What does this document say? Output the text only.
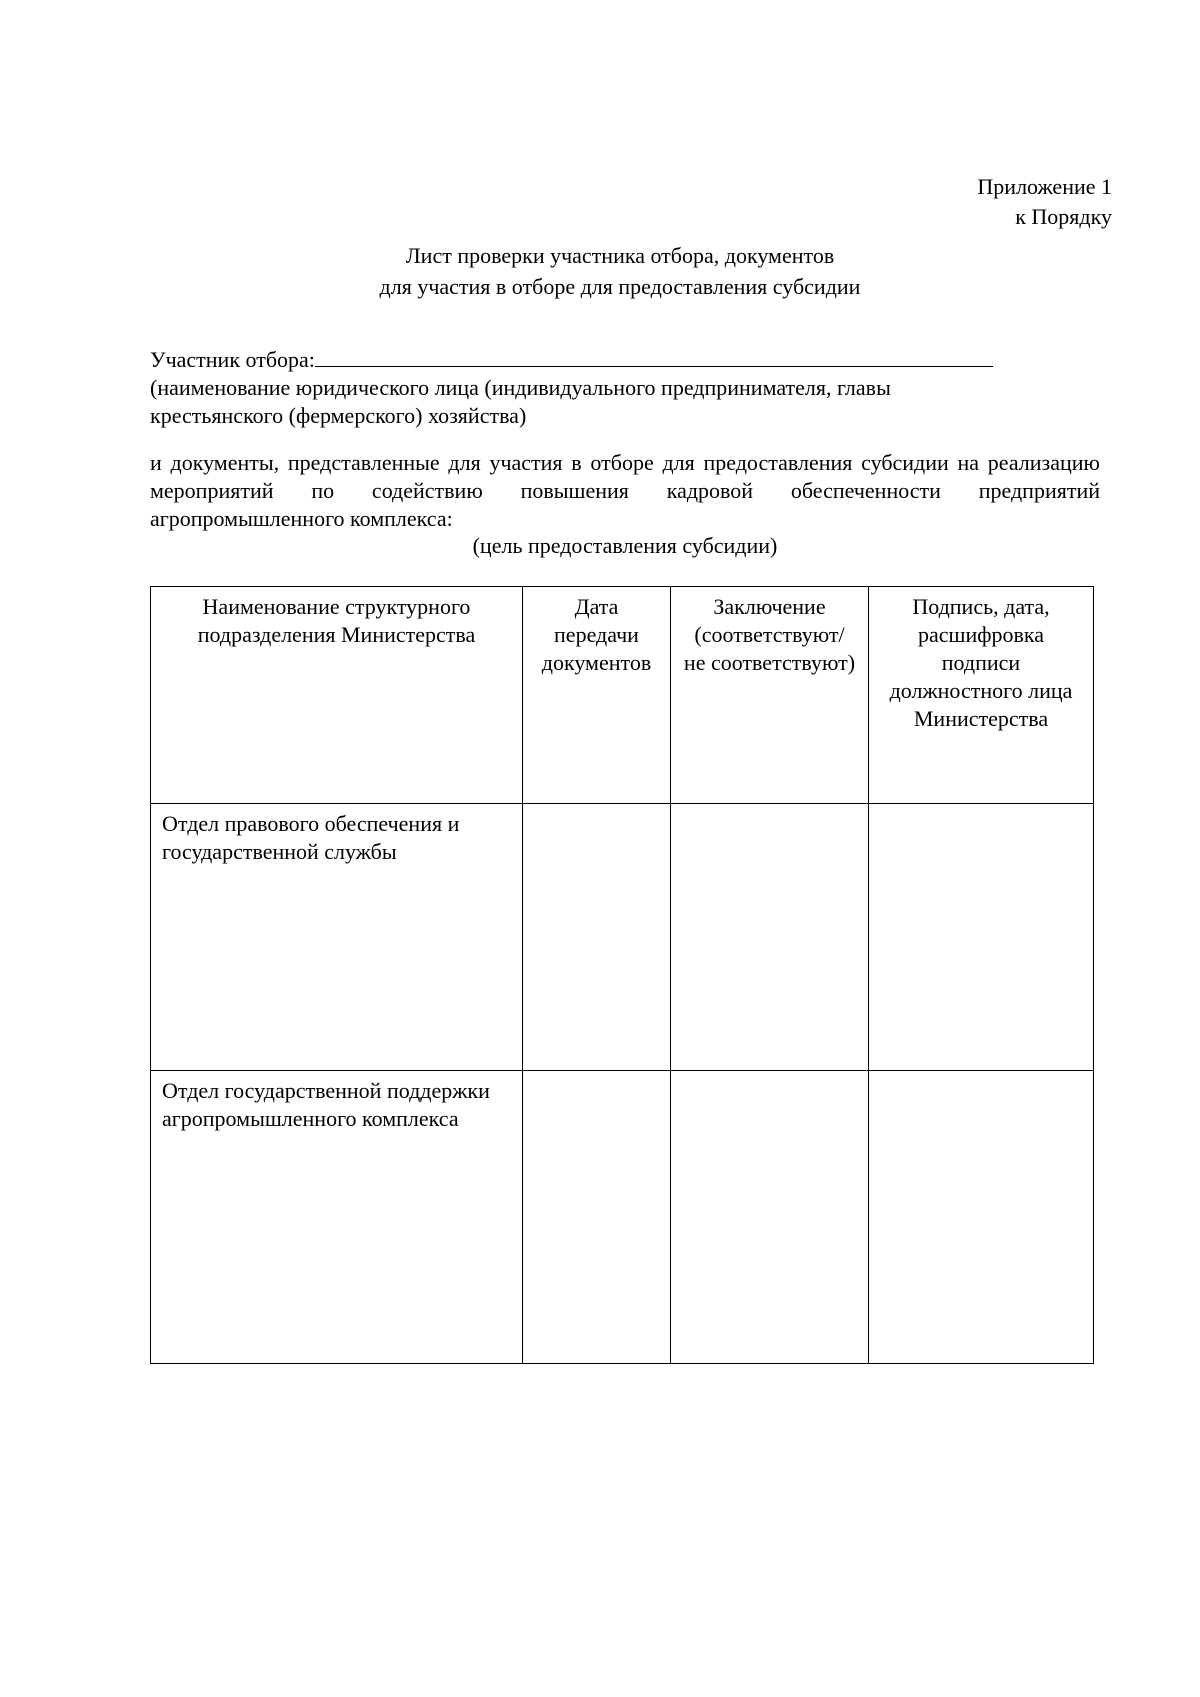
Приложение 1
к Порядку
Лист проверки участника отбора, документов
для участия в отборе для предоставления субсидии
Участник отбора:
(наименование юридического лица (индивидуального предпринимателя, главы
крестьянского (фермерского) хозяйства)
и документы, представленные для участия в отборе для предоставления субсидии на реализацию мероприятий по содействию повышения кадровой обеспеченности предприятий агропромышленного комплекса:
(цель предоставления субсидии)
Наименование структурного подразделения Министерства	Дата передачи документов	Заключение (соответствуют/ не соответствуют)	Подпись, дата, расшифровка подписи должностного лица Министерства
Отдел правового обеспечения и государственной службы			
Отдел государственной поддержки агропромышленного комплекса			
